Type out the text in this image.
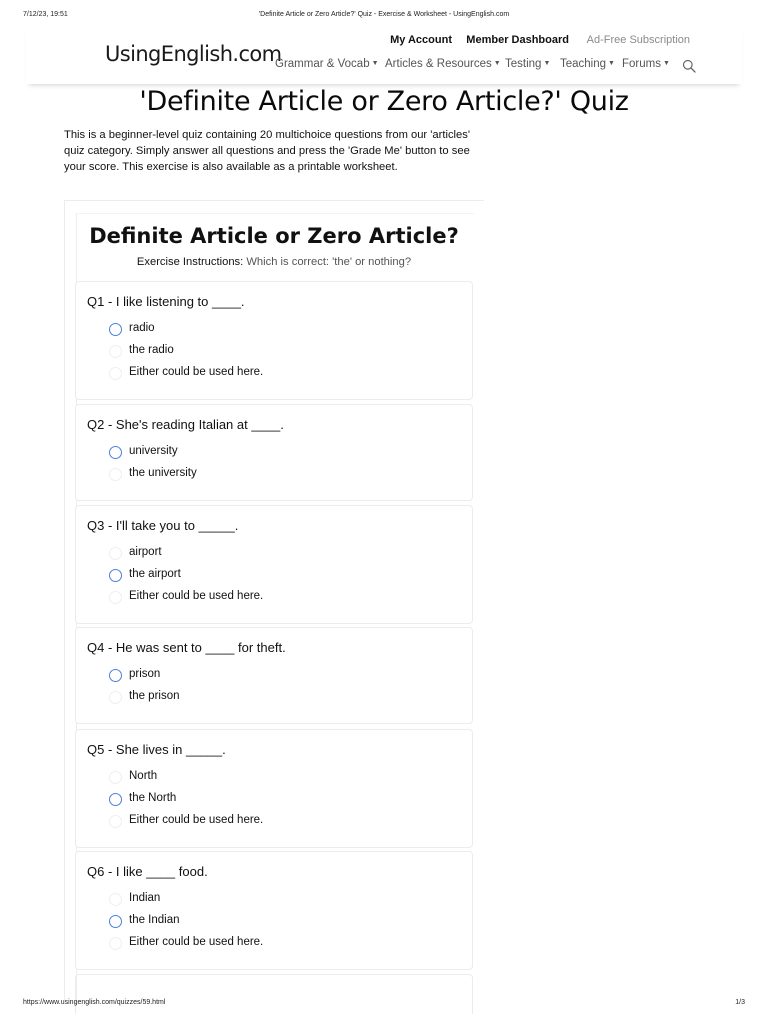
7/12/23, 19:51	'Definite Article or Zero Article?' Quiz - Exercise & Worksheet - UsingEnglish.com
UsingEnglish.com
My Account Member Dashboard Ad-Free Subscription
Grammar & Vocab ▼ Articles & Resources ▼ Testing ▼ Teaching ▼ Forums ▼
'Definite Article or Zero Article?' Quiz

This is a beginner-level quiz containing 20 multichoice questions from our 'articles' quiz category. Simply answer all questions and press the 'Grade Me' button to see your score. This exercise is also available as a printable worksheet.

Definite Article or Zero Article?
Exercise Instructions: Which is correct: 'the' or nothing?
Q1 - I like listening to ____.
radio
the radio
Either could be used here.
Q2 - She's reading Italian at ____.
university
the university
Q3 - I'll take you to _____.
airport
the airport
Either could be used here.
Q4 - He was sent to ____ for theft.
prison
the prison
Q5 - She lives in _____.
North
the North
Either could be used here.
Q6 - I like ____ food.
Indian
the Indian
Either could be used here.
https://www.usingenglish.com/quizzes/59.html	1/3
